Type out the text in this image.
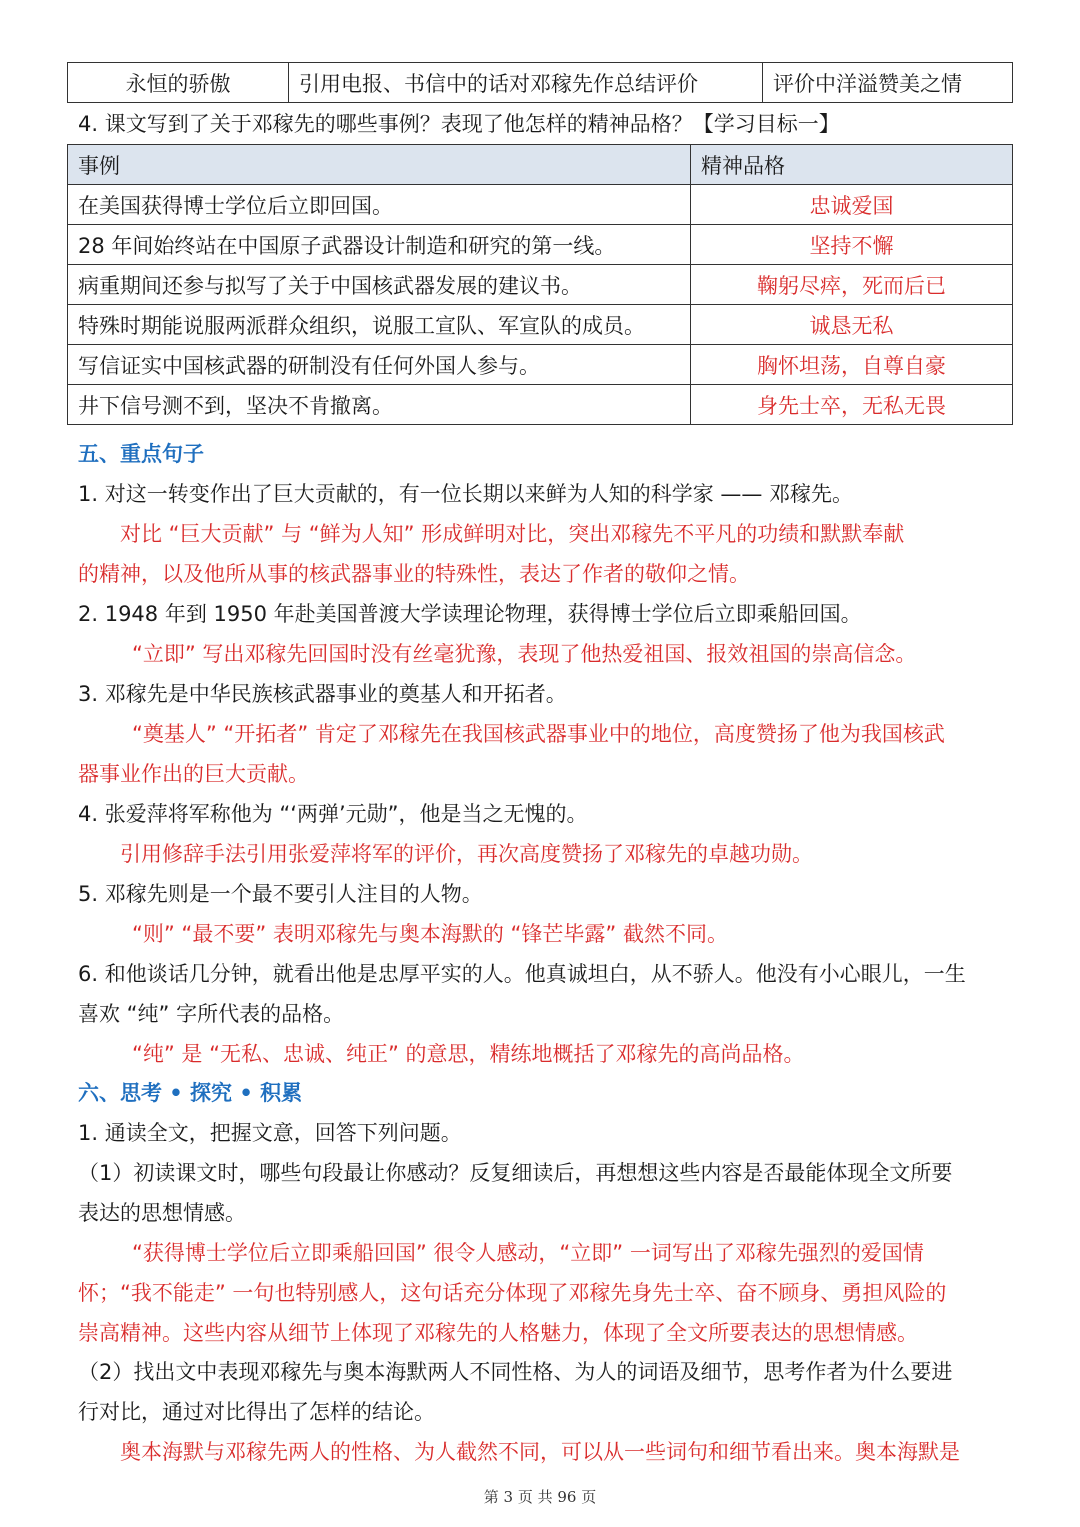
永恒的骄傲	引用电报、书信中的话对邓稼先作总结评价	评价中洋溢赞美之情
4. 课文写到了关于邓稼先的哪些事例？表现了他怎样的精神品格？【学习目标一】
事例	精神品格
在美国获得博士学位后立即回国。	忠诚爱国
28 年间始终站在中国原子武器设计制造和研究的第一线。	坚持不懈
病重期间还参与拟写了关于中国核武器发展的建议书。	鞠躬尽瘁，死而后已
特殊时期能说服两派群众组织，说服工宣队、军宣队的成员。	诚恳无私
写信证实中国核武器的研制没有任何外国人参与。	胸怀坦荡，自尊自豪
井下信号测不到，坚决不肯撤离。	身先士卒，无私无畏
五、重点句子
1. 对这一转变作出了巨大贡献的，有一位长期以来鲜为人知的科学家 —— 邓稼先。
对比 “巨大贡献” 与 “鲜为人知” 形成鲜明对比，突出邓稼先不平凡的功绩和默默奉献
的精神，以及他所从事的核武器事业的特殊性，表达了作者的敬仰之情。
2. 1948 年到 1950 年赴美国普渡大学读理论物理，获得博士学位后立即乘船回国。
“立即” 写出邓稼先回国时没有丝毫犹豫，表现了他热爱祖国、报效祖国的崇高信念。
3. 邓稼先是中华民族核武器事业的奠基人和开拓者。
“奠基人” “开拓者” 肯定了邓稼先在我国核武器事业中的地位，高度赞扬了他为我国核武
器事业作出的巨大贡献。
4. 张爱萍将军称他为 “‘两弹’元勋”，他是当之无愧的。
引用修辞手法引用张爱萍将军的评价，再次高度赞扬了邓稼先的卓越功勋。
5. 邓稼先则是一个最不要引人注目的人物。
“则” “最不要” 表明邓稼先与奥本海默的 “锋芒毕露” 截然不同。
6. 和他谈话几分钟，就看出他是忠厚平实的人。他真诚坦白，从不骄人。他没有小心眼儿，一生
喜欢 “纯” 字所代表的品格。
“纯” 是 “无私、忠诚、纯正” 的意思，精练地概括了邓稼先的高尚品格。
六、思考 • 探究 • 积累
1. 通读全文，把握文意，回答下列问题。
（1）初读课文时，哪些句段最让你感动？反复细读后，再想想这些内容是否最能体现全文所要
表达的思想情感。
“获得博士学位后立即乘船回国” 很令人感动，“立即” 一词写出了邓稼先强烈的爱国情
怀；“我不能走” 一句也特别感人，这句话充分体现了邓稼先身先士卒、奋不顾身、勇担风险的
崇高精神。这些内容从细节上体现了邓稼先的人格魅力，体现了全文所要表达的思想情感。
（2）找出文中表现邓稼先与奥本海默两人不同性格、为人的词语及细节，思考作者为什么要进
行对比，通过对比得出了怎样的结论。
奥本海默与邓稼先两人的性格、为人截然不同，可以从一些词句和细节看出来。奥本海默是
第 3 页 共 96 页
